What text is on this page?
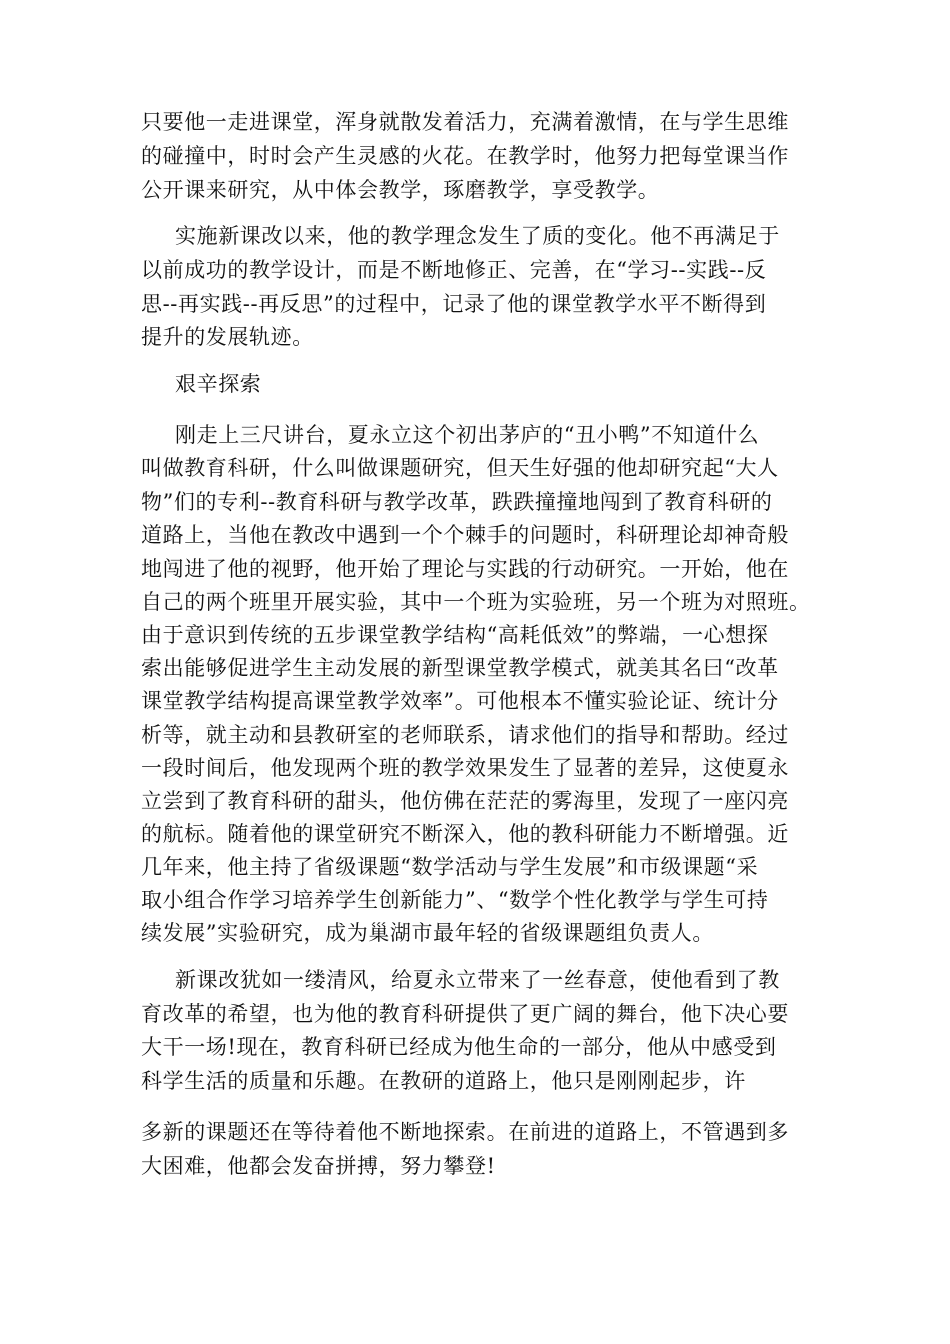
只要他一走进课堂，浑身就散发着活力，充满着激情，在与学生思维
的碰撞中，时时会产生灵感的火花。在教学时，他努力把每堂课当作
公开课来研究，从中体会教学，琢磨教学，享受教学。
实施新课改以来，他的教学理念发生了质的变化。他不再满足于
以前成功的教学设计，而是不断地修正、完善，在“学习--实践--反
思--再实践--再反思”的过程中，记录了他的课堂教学水平不断得到
提升的发展轨迹。
艰辛探索
刚走上三尺讲台，夏永立这个初出茅庐的“丑小鸭”不知道什么
叫做教育科研，什么叫做课题研究，但天生好强的他却研究起“大人
物”们的专利--教育科研与教学改革，跌跌撞撞地闯到了教育科研的
道路上，当他在教改中遇到一个个棘手的问题时，科研理论却神奇般
地闯进了他的视野，他开始了理论与实践的行动研究。一开始，他在
自己的两个班里开展实验，其中一个班为实验班，另一个班为对照班。
由于意识到传统的五步课堂教学结构“高耗低效”的弊端，一心想探
索出能够促进学生主动发展的新型课堂教学模式，就美其名曰“改革
课堂教学结构提高课堂教学效率”。可他根本不懂实验论证、统计分
析等，就主动和县教研室的老师联系，请求他们的指导和帮助。经过
一段时间后，他发现两个班的教学效果发生了显著的差异，这使夏永
立尝到了教育科研的甜头，他仿佛在茫茫的雾海里，发现了一座闪亮
的航标。随着他的课堂研究不断深入，他的教科研能力不断增强。近
几年来，他主持了省级课题“数学活动与学生发展”和市级课题“采
取小组合作学习培养学生创新能力”、“数学个性化教学与学生可持
续发展”实验研究，成为巢湖市最年轻的省级课题组负责人。
新课改犹如一缕清风，给夏永立带来了一丝春意，使他看到了教
育改革的希望，也为他的教育科研提供了更广阔的舞台，他下决心要
大干一场!现在，教育科研已经成为他生命的一部分，他从中感受到
科学生活的质量和乐趣。在教研的道路上，他只是刚刚起步，许
多新的课题还在等待着他不断地探索。在前进的道路上，不管遇到多
大困难，他都会发奋拼搏，努力攀登!
